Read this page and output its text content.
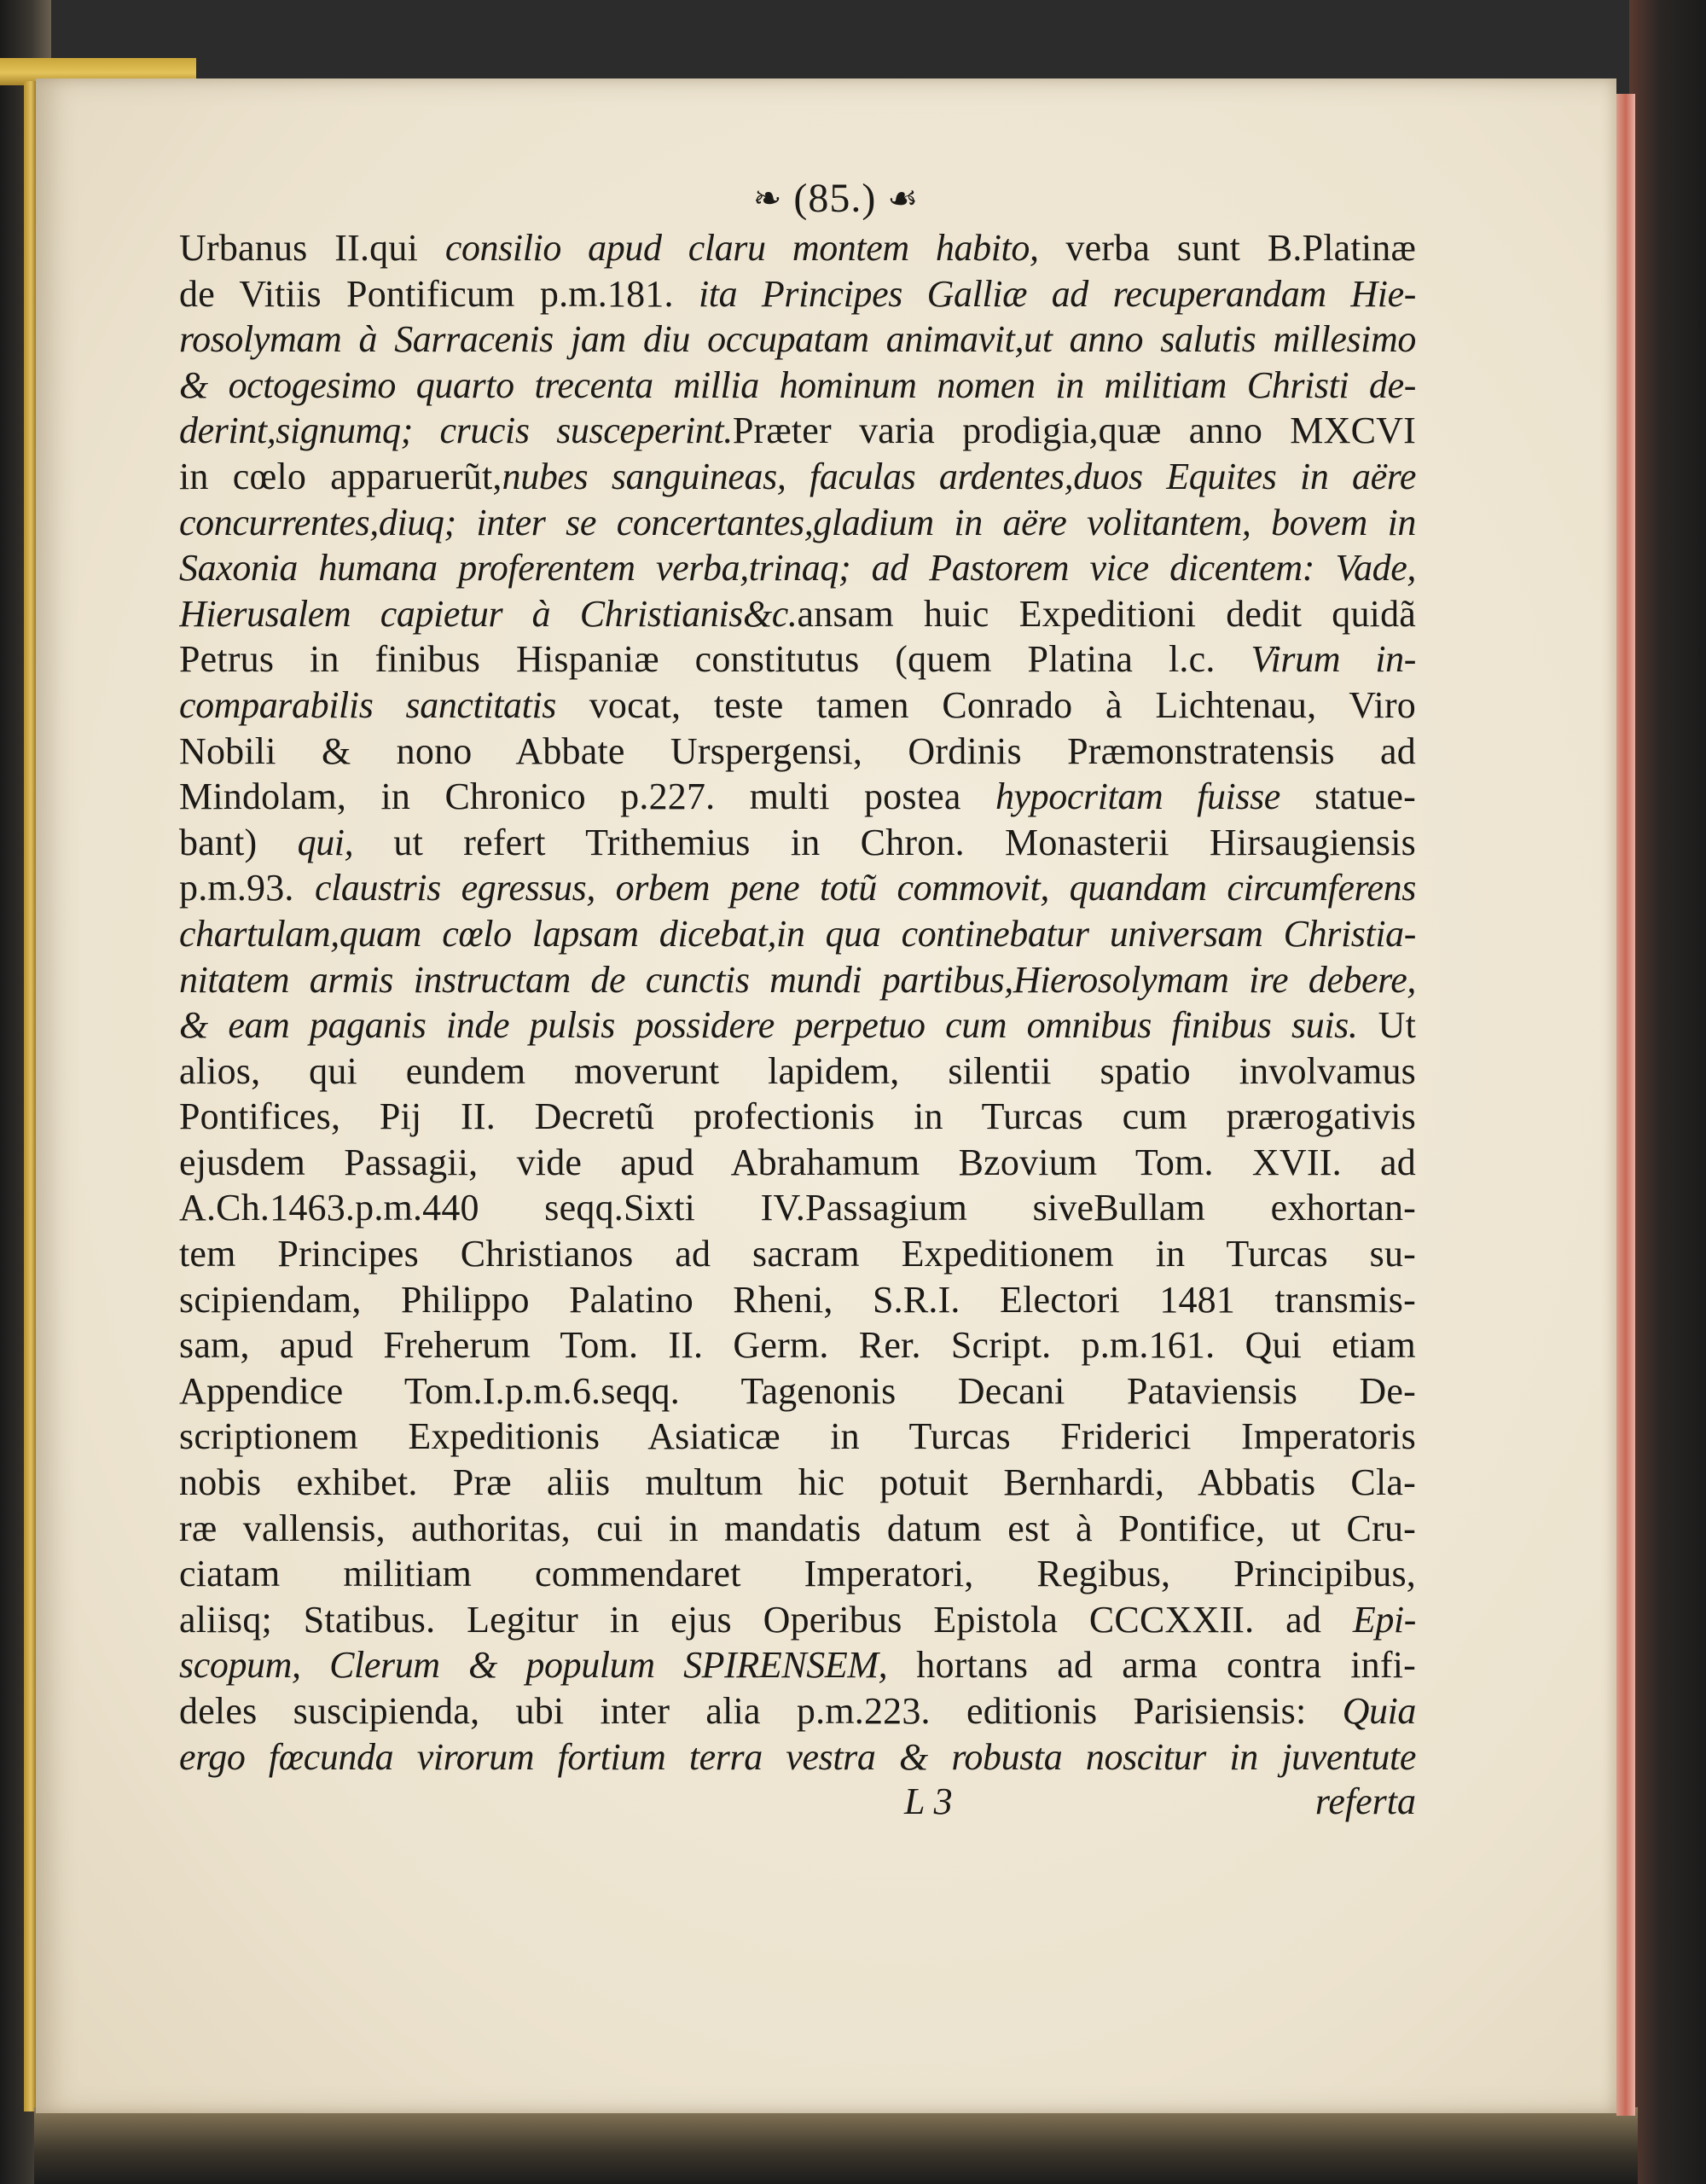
❧ (85.) ☙
Urbanus II.qui consilio apud claru montem habito, verba sunt B.Platinæ
de Vitiis Pontificum p.m.181. ita Principes Galliæ ad recuperandam Hie-
rosolymam à Sarracenis jam diu occupatam animavit,ut anno salutis millesimo
& octogesimo quarto trecenta millia hominum nomen in militiam Christi de-
derint,signumq; crucis susceperint.Præter varia prodigia,quæ anno MXCVI
in cœlo apparuerũt,nubes sanguineas, faculas ardentes,duos Equites in aëre
concurrentes,diuq; inter se concertantes,gladium in aëre volitantem, bovem in
Saxonia humana proferentem verba,trinaq; ad Pastorem vice dicentem: Vade,
Hierusalem capietur à Christianis&c.ansam huic Expeditioni dedit quidã
Petrus in finibus Hispaniæ constitutus (quem Platina l.c. Virum in-
comparabilis sanctitatis vocat, teste tamen Conrado à Lichtenau, Viro
Nobili & nono Abbate Urspergensi, Ordinis Præmonstratensis ad
Mindolam, in Chronico p.227. multi postea hypocritam fuisse statue-
bant) qui, ut refert Trithemius in Chron. Monasterii Hirsaugiensis
p.m.93. claustris egressus, orbem pene totũ commovit, quandam circumferens
chartulam,quam cœlo lapsam dicebat,in qua continebatur universam Christia-
nitatem armis instructam de cunctis mundi partibus,Hierosolymam ire debere,
& eam paganis inde pulsis possidere perpetuo cum omnibus finibus suis. Ut
alios, qui eundem moverunt lapidem, silentii spatio involvamus
Pontifices, Pij II. Decretũ profectionis in Turcas cum prærogativis
ejusdem Passagii, vide apud Abrahamum Bzovium Tom. XVII. ad
A.Ch.1463.p.m.440 seqq.Sixti IV.Passagium siveBullam exhortan-
tem Principes Christianos ad sacram Expeditionem in Turcas su-
scipiendam, Philippo Palatino Rheni, S.R.I. Electori 1481 transmis-
sam, apud Freherum Tom. II. Germ. Rer. Script. p.m.161. Qui etiam
Appendice Tom.I.p.m.6.seqq. Tagenonis Decani Pataviensis De-
scriptionem Expeditionis Asiaticæ in Turcas Friderici Imperatoris
nobis exhibet. Præ aliis multum hic potuit Bernhardi, Abbatis Cla-
ræ vallensis, authoritas, cui in mandatis datum est à Pontifice, ut Cru-
ciatam militiam commendaret Imperatori, Regibus, Principibus,
aliisq; Statibus. Legitur in ejus Operibus Epistola CCCXXII. ad Epi-
scopum, Clerum & populum SPIRENSEM, hortans ad arma contra infi-
deles suscipienda, ubi inter alia p.m.223. editionis Parisiensis: Quia
ergo fœcunda virorum fortium terra vestra & robusta noscitur in juventute
L 3	referta
